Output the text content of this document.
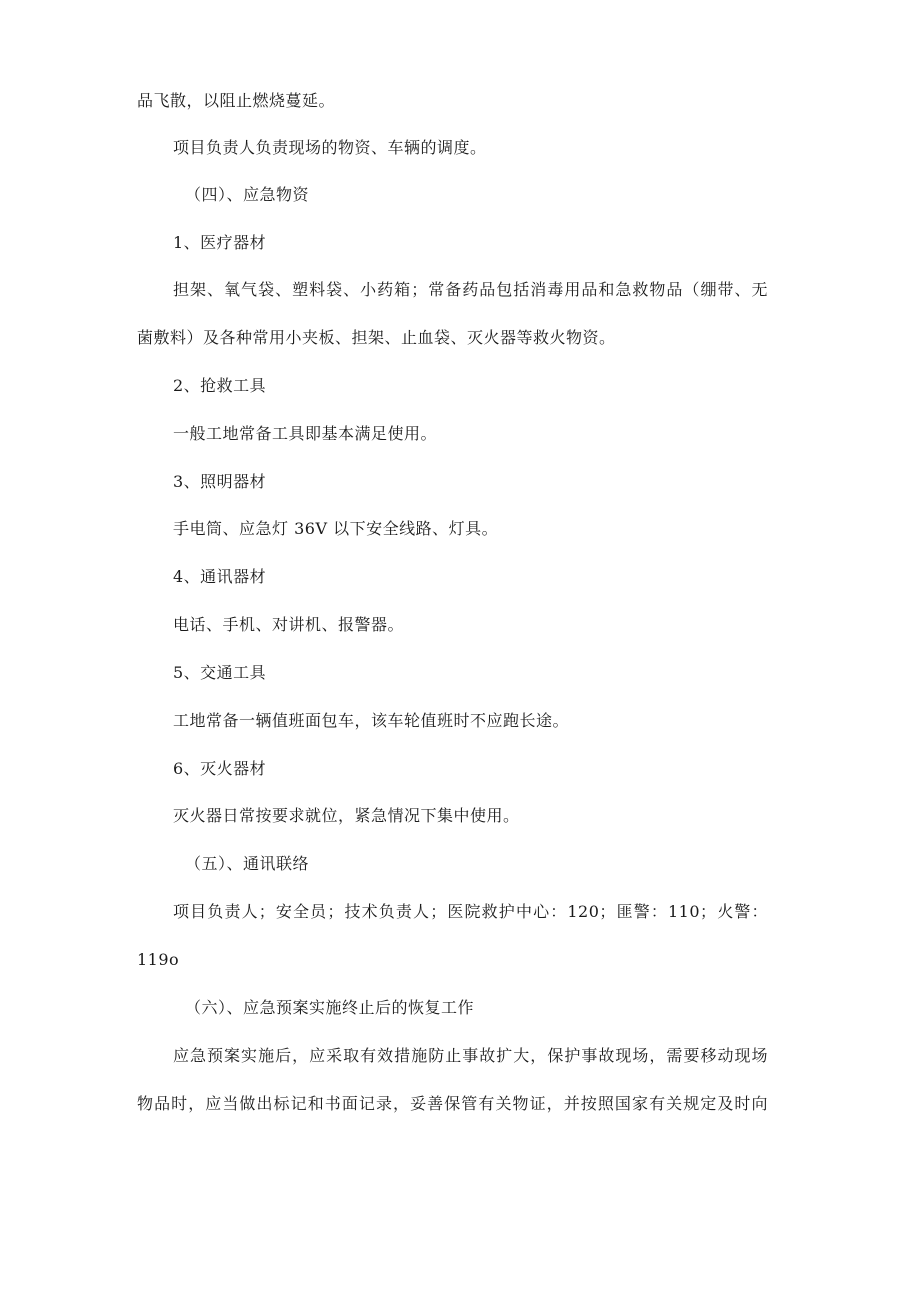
品飞散，以阻止燃烧蔓延。
项目负责人负责现场的物资、车辆的调度。
（四）、应急物资
1、医疗器材
担架、氧气袋、塑料袋、小药箱；常备药品包括消毒用品和急救物品（绷带、无
菌敷料）及各种常用小夹板、担架、止血袋、灭火器等救火物资。
2、抢救工具
一般工地常备工具即基本满足使用。
3、照明器材
手电筒、应急灯 36V 以下安全线路、灯具。
4、通讯器材
电话、手机、对讲机、报警器。
5、交通工具
工地常备一辆值班面包车，该车轮值班时不应跑长途。
6、灭火器材
灭火器日常按要求就位，紧急情况下集中使用。
（五）、通讯联络
项目负责人；安全员；技术负责人；医院救护中心：120；匪警：110；火警：
119o
（六）、应急预案实施终止后的恢复工作
应急预案实施后，应采取有效措施防止事故扩大，保护事故现场，需要移动现场
物品时，应当做出标记和书面记录，妥善保管有关物证，并按照国家有关规定及时向
